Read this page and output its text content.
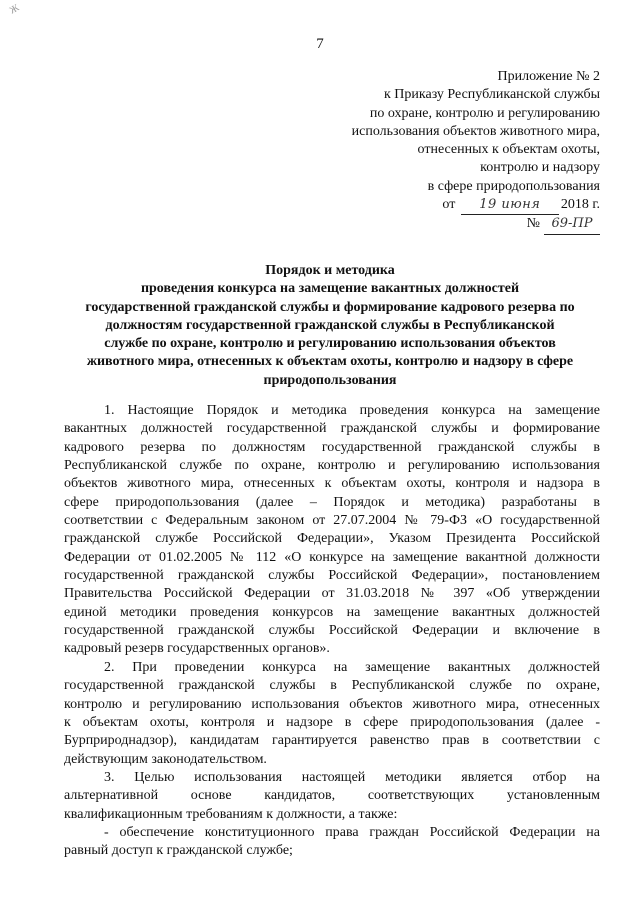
Ж
7
Приложение № 2
к Приказу Республиканской службы
по охране, контролю и регулированию
использования объектов животного мира,
отнесенных к объектам охоты,
контролю и надзору
в сфере природопользования
от 19 июня 2018 г.
№ 69-ПР
Порядок и методика
проведения конкурса на замещение вакантных должностей
государственной гражданской службы и формирование кадрового резерва по
должностям государственной гражданской службы в Республиканской
службе по охране, контролю и регулированию использования объектов
животного мира, отнесенных к объектам охоты, контролю и надзору в сфере
природопользования
1. Настоящие Порядок и методика проведения конкурса на замещение
вакантных должностей государственной гражданской службы и формирование
кадрового резерва по должностям государственной гражданской службы в
Республиканской службе по охране, контролю и регулированию использования
объектов животного мира, отнесенных к объектам охоты, контроля и надзора в
сфере природопользования (далее – Порядок и методика) разработаны в
соответствии с Федеральным законом от 27.07.2004 № 79-ФЗ «О государственной
гражданской службе Российской Федерации», Указом Президента Российской
Федерации от 01.02.2005 № 112 «О конкурсе на замещение вакантной должности
государственной гражданской службы Российской Федерации», постановлением
Правительства Российской Федерации от 31.03.2018 № 397 «Об утверждении
единой методики проведения конкурсов на замещение вакантных должностей
государственной гражданской службы Российской Федерации и включение в
кадровый резерв государственных органов».
2. При проведении конкурса на замещение вакантных должностей
государственной гражданской службы в Республиканской службе по охране,
контролю и регулированию использования объектов животного мира, отнесенных
к объектам охоты, контроля и надзоре в сфере природопользования (далее -
Бурприроднадзор), кандидатам гарантируется равенство прав в соответствии с
действующим законодательством.
3. Целью использования настоящей методики является отбор на
альтернативной основе кандидатов, соответствующих установленным
квалификационным требованиям к должности, а также:
- обеспечение конституционного права граждан Российской Федерации на
равный доступ к гражданской службе;
